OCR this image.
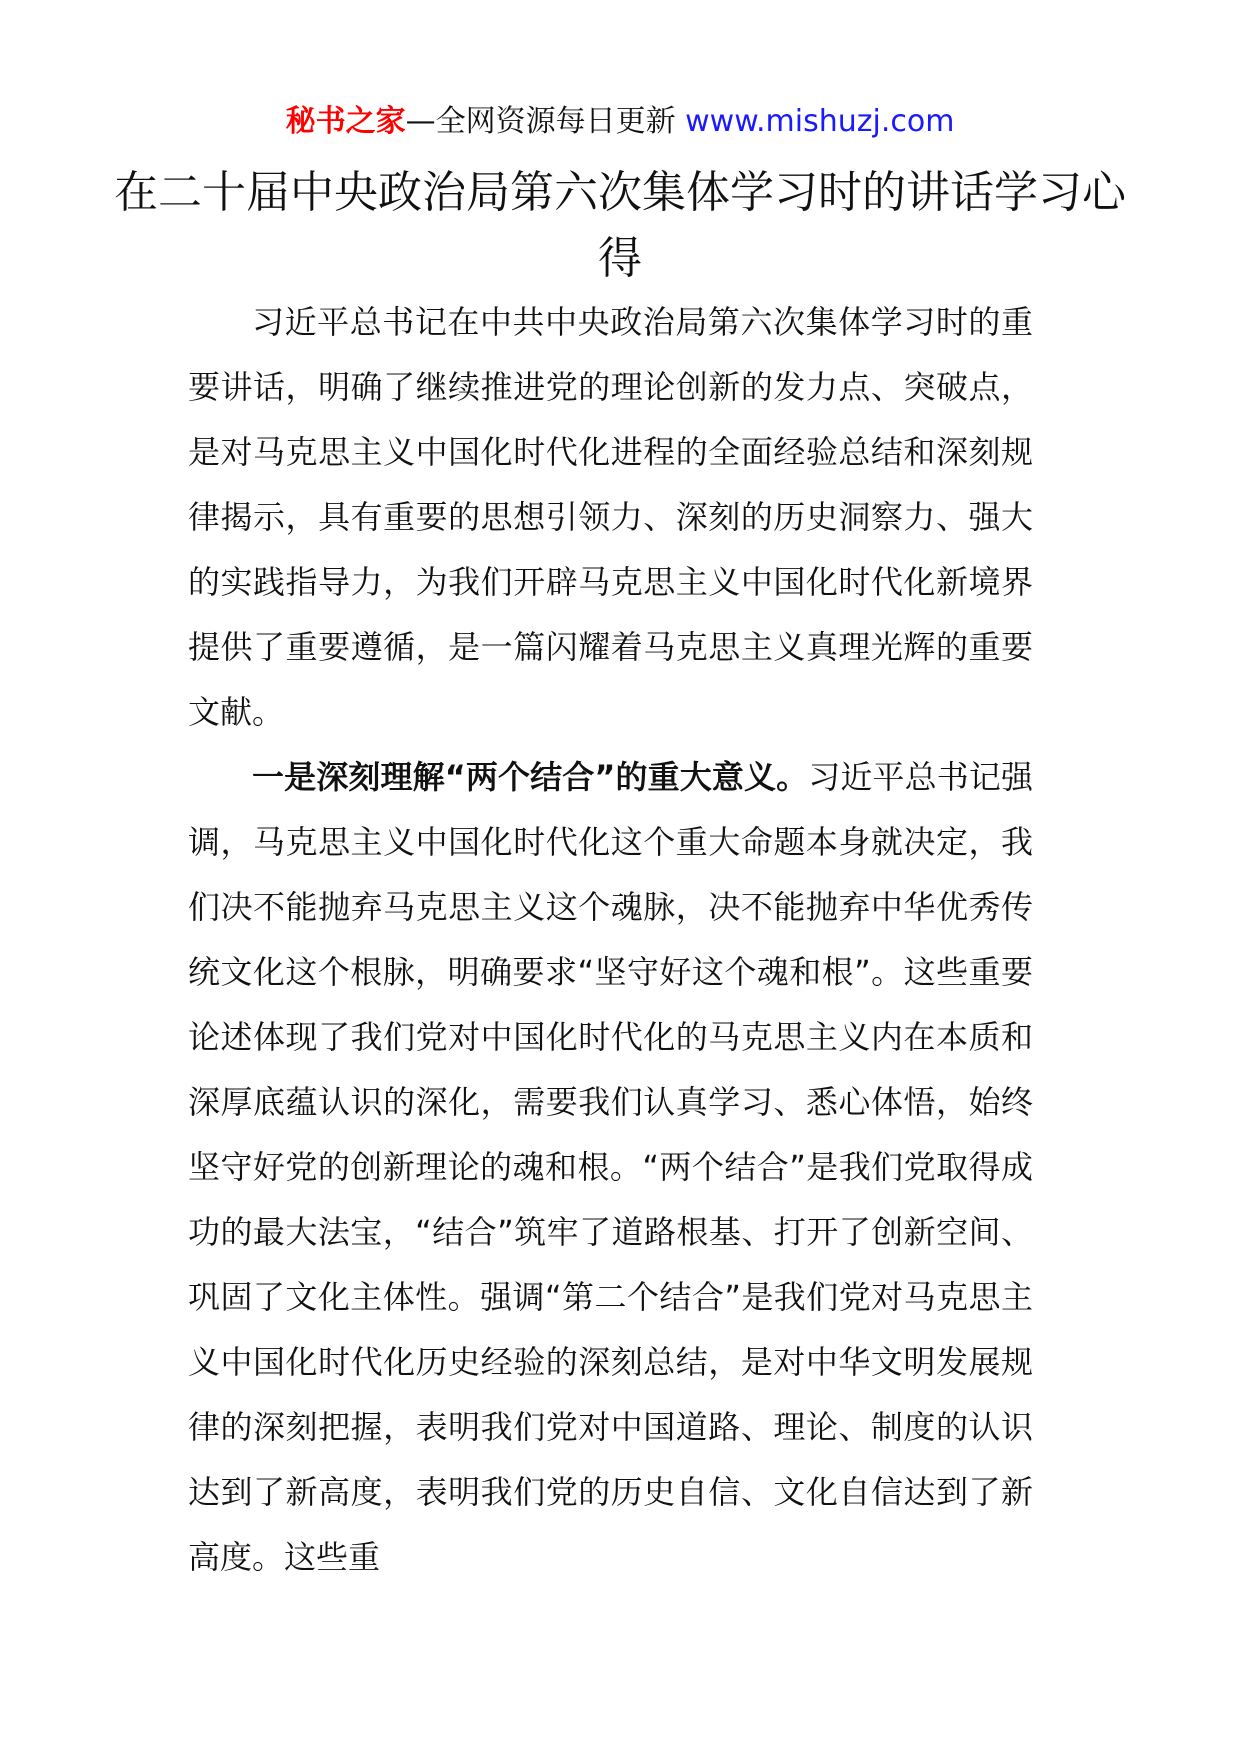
秘书之家—全网资源每日更新 www.mishuzj.com
在二十届中央政治局第六次集体学习时的讲话学习心得

习近平总书记在中共中央政治局第六次集体学习时的重要讲话，明确了继续推进党的理论创新的发力点、突破点，是对马克思主义中国化时代化进程的全面经验总结和深刻规律揭示，具有重要的思想引领力、深刻的历史洞察力、强大的实践指导力，为我们开辟马克思主义中国化时代化新境界提供了重要遵循，是一篇闪耀着马克思主义真理光辉的重要文献。

一是深刻理解“两个结合”的重大意义。习近平总书记强调，马克思主义中国化时代化这个重大命题本身就决定，我们决不能抛弃马克思主义这个魂脉，决不能抛弃中华优秀传统文化这个根脉，明确要求“坚守好这个魂和根”。这些重要论述体现了我们党对中国化时代化的马克思主义内在本质和深厚底蕴认识的深化，需要我们认真学习、悉心体悟，始终坚守好党的创新理论的魂和根。“两个结合”是我们党取得成功的最大法宝，“结合”筑牢了道路根基、打开了创新空间、巩固了文化主体性。强调“第二个结合”是我们党对马克思主义中国化时代化历史经验的深刻总结，是对中华文明发展规律的深刻把握，表明我们党对中国道路、理论、制度的认识达到了新高度，表明我们党的历史自信、文化自信达到了新高度。这些重
